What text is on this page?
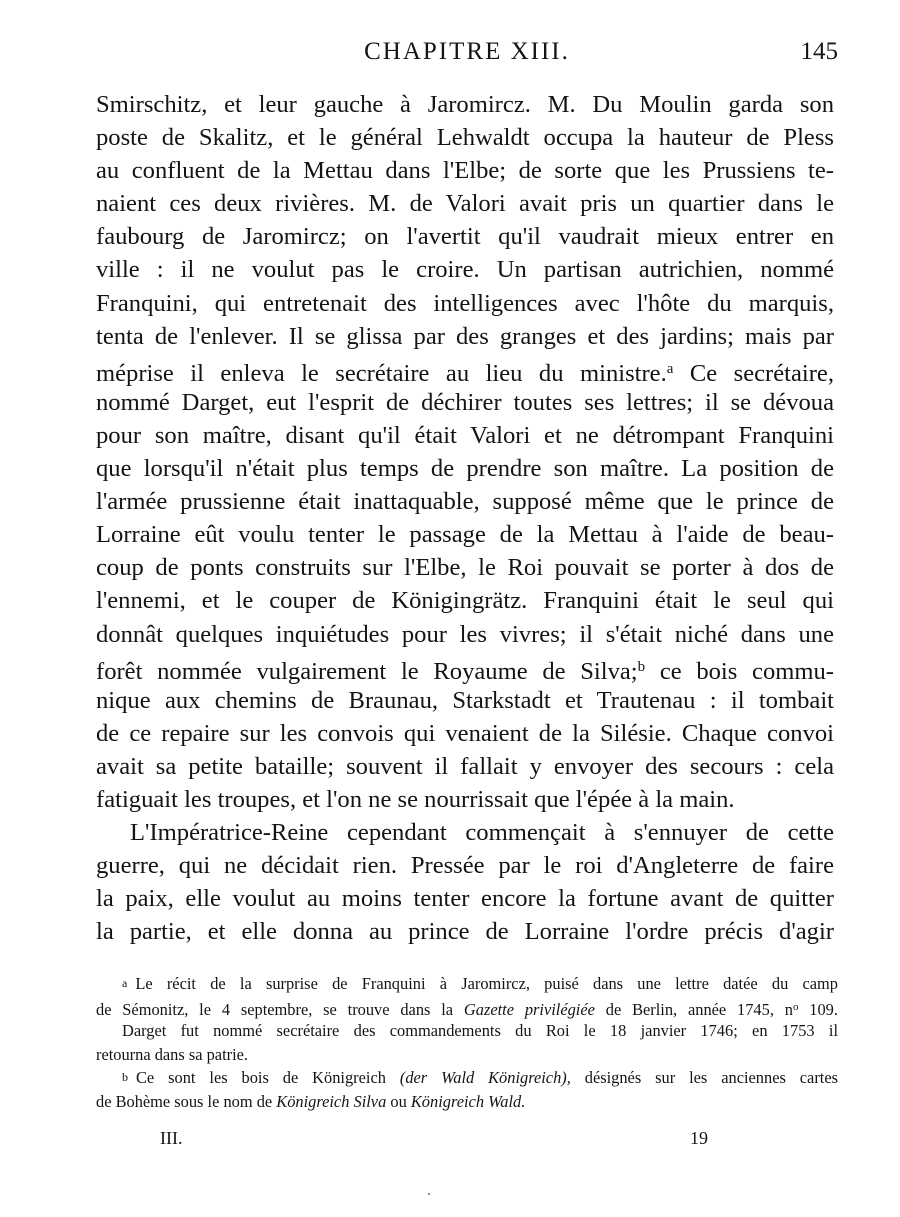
CHAPITRE XIII.	145
Smirschitz, et leur gauche à Jaromircz. M. Du Moulin garda son
poste de Skalitz, et le général Lehwaldt occupa la hauteur de Pless
au confluent de la Mettau dans l'Elbe; de sorte que les Prussiens te-
naient ces deux rivières. M. de Valori avait pris un quartier dans le
faubourg de Jaromircz; on l'avertit qu'il vaudrait mieux entrer en
ville : il ne voulut pas le croire. Un partisan autrichien, nommé
Franquini, qui entretenait des intelligences avec l'hôte du marquis,
tenta de l'enlever. Il se glissa par des granges et des jardins; mais par
méprise il enleva le secrétaire au lieu du ministre.$^a$ Ce secrétaire,
nommé Darget, eut l'esprit de déchirer toutes ses lettres; il se dévoua
pour son maître, disant qu'il était Valori et ne détrompant Franquini
que lorsqu'il n'était plus temps de prendre son maître. La position de
l'armée prussienne était inattaquable, supposé même que le prince de
Lorraine eût voulu tenter le passage de la Mettau à l'aide de beau-
coup de ponts construits sur l'Elbe, le Roi pouvait se porter à dos de
l'ennemi, et le couper de Königingrätz. Franquini était le seul qui
donnât quelques inquiétudes pour les vivres; il s'était niché dans une
forêt nommée vulgairement le Royaume de Silva;$^b$ ce bois commu-
nique aux chemins de Braunau, Starkstadt et Trautenau : il tombait
de ce repaire sur les convois qui venaient de la Silésie. Chaque convoi
avait sa petite bataille; souvent il fallait y envoyer des secours : cela
fatiguait les troupes, et l'on ne se nourrissait que l'épée à la main.
L'Impératrice-Reine cependant commençait à s'ennuyer de cette
guerre, qui ne décidait rien. Pressée par le roi d'Angleterre de faire
la paix, elle voulut au moins tenter encore la fortune avant de quitter
la partie, et elle donna au prince de Lorraine l'ordre précis d'agir
a Le récit de la surprise de Franquini à Jaromircz, puisé dans une lettre datée du camp
de Sémonitz, le 4 septembre, se trouve dans la Gazette privilégiée de Berlin, année 1745, $n^o$ 109.
Darget fut nommé secrétaire des commandements du Roi le 18 janvier 1746; en 1753 il
retourna dans sa patrie.
b Ce sont les bois de Königreich (der Wald Königreich), désignés sur les anciennes cartes
de Bohème sous le nom de Königreich Silva ou Königreich Wald.
III.	19
